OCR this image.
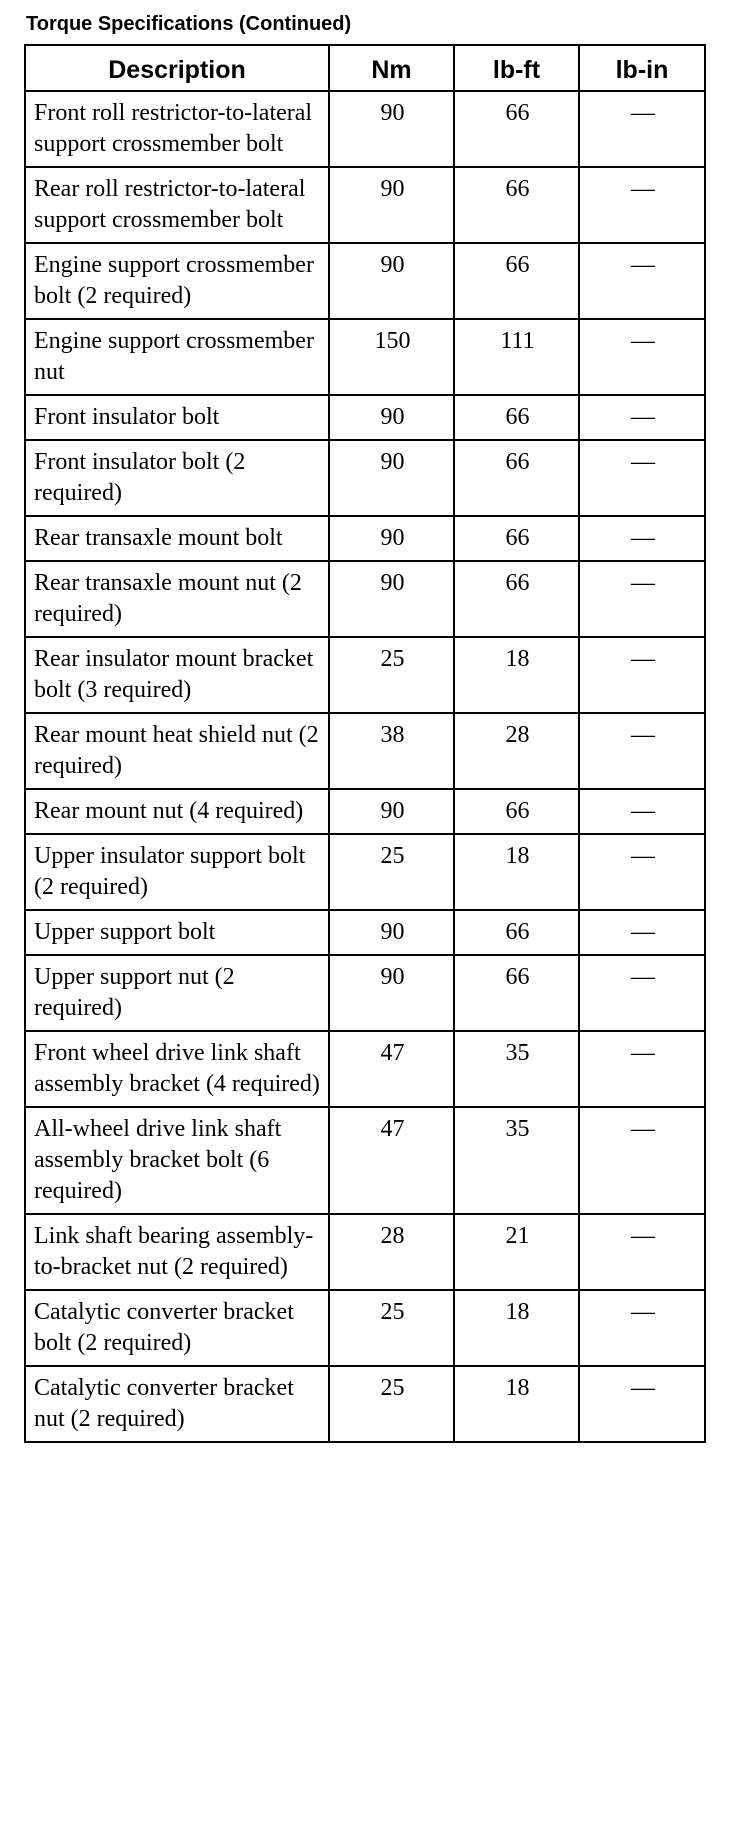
Torque Specifications (Continued)
Description	Nm	lb-ft	lb-in
Front roll restrictor-to-lateral support crossmember bolt	90	66	—
Rear roll restrictor-to-lateral support crossmember bolt	90	66	—
Engine support crossmember bolt (2 required)	90	66	—
Engine support crossmember nut	150	111	—
Front insulator bolt	90	66	—
Front insulator bolt (2 required)	90	66	—
Rear transaxle mount bolt	90	66	—
Rear transaxle mount nut (2 required)	90	66	—
Rear insulator mount bracket bolt (3 required)	25	18	—
Rear mount heat shield nut (2 required)	38	28	—
Rear mount nut (4 required)	90	66	—
Upper insulator support bolt (2 required)	25	18	—
Upper support bolt	90	66	—
Upper support nut (2 required)	90	66	—
Front wheel drive link shaft assembly bracket (4 required)	47	35	—
All-wheel drive link shaft assembly bracket bolt (6 required)	47	35	—
Link shaft bearing assembly-to-bracket nut (2 required)	28	21	—
Catalytic converter bracket bolt (2 required)	25	18	—
Catalytic converter bracket nut (2 required)	25	18	—
